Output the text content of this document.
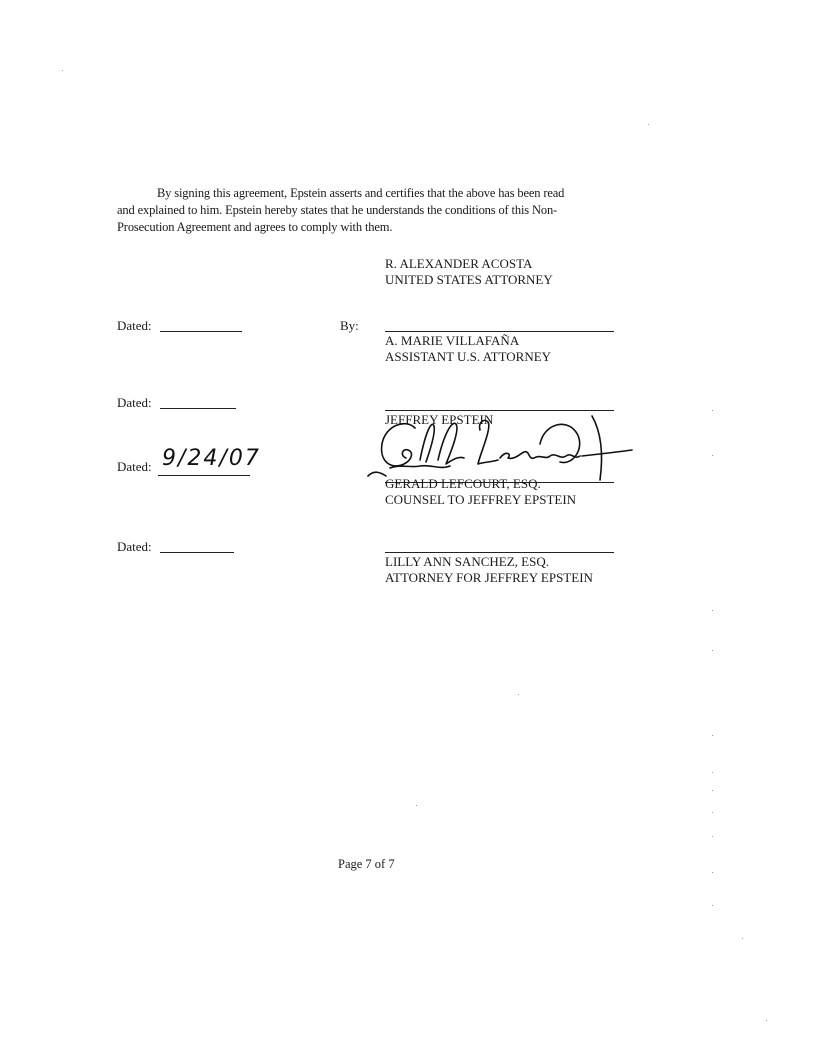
By signing this agreement, Epstein asserts and certifies that the above has been read
and explained to him. Epstein hereby states that he understands the conditions of this Non-
Prosecution Agreement and agrees to comply with them.
R. ALEXANDER ACOSTA
UNITED STATES ATTORNEY
Dated:	By:
A. MARIE VILLAFAÑA
ASSISTANT U.S. ATTORNEY
Dated:
JEFFREY EPSTEIN
Dated: 9/24/07
GERALD LEFCOURT, ESQ.
COUNSEL TO JEFFREY EPSTEIN
Dated:
LILLY ANN SANCHEZ, ESQ.
ATTORNEY FOR JEFFREY EPSTEIN
Page 7 of 7
